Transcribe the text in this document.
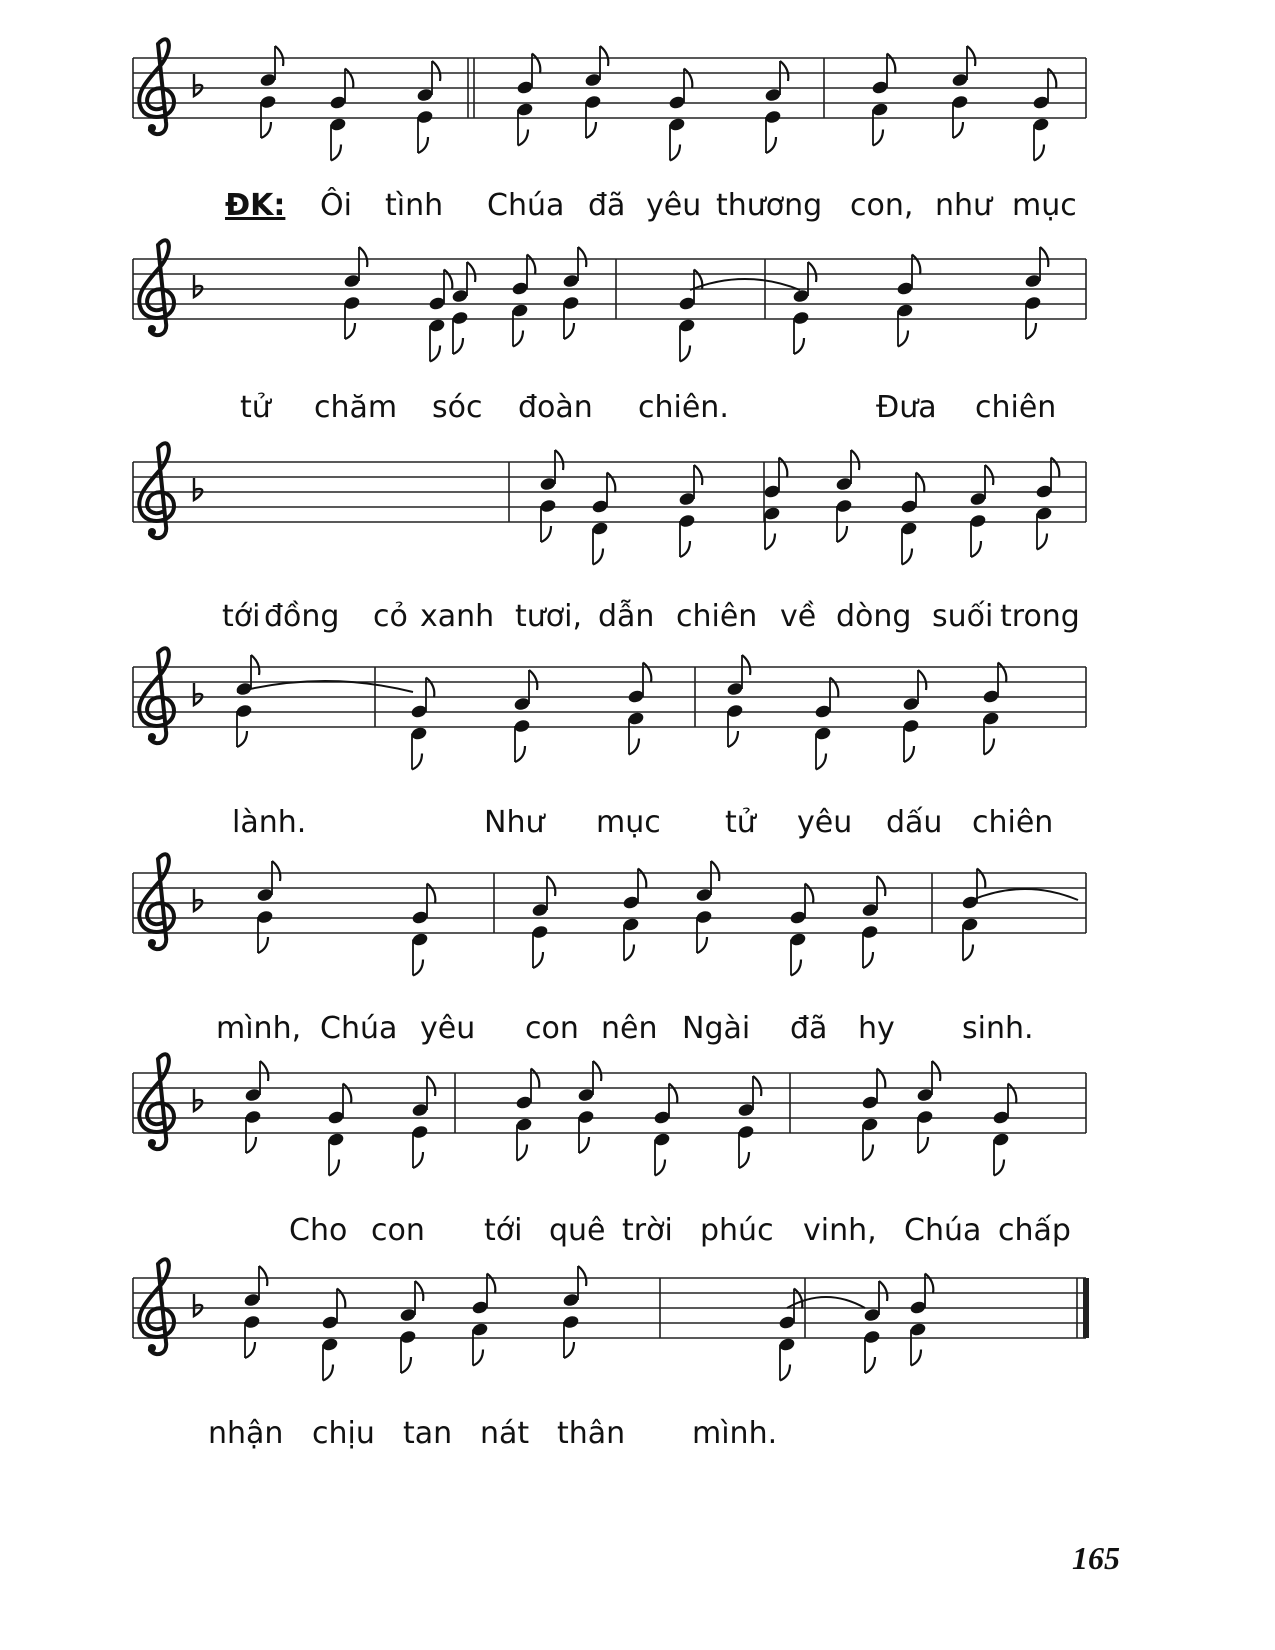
ĐK: Ôi tình Chúa đã yêu thương con, như mục
tử chăm sóc đoàn chiên.	Đưa chiên
tới đồng cỏ xanh tươi, dẫn chiên về dòng suối trong
lành.	Như mục tử yêu dấu chiên
mình, Chúa yêu con nên Ngài đã hy sinh.
Cho con tới quê trời phúc vinh, Chúa chấp
nhận chịu tan nát thân mình.
165
